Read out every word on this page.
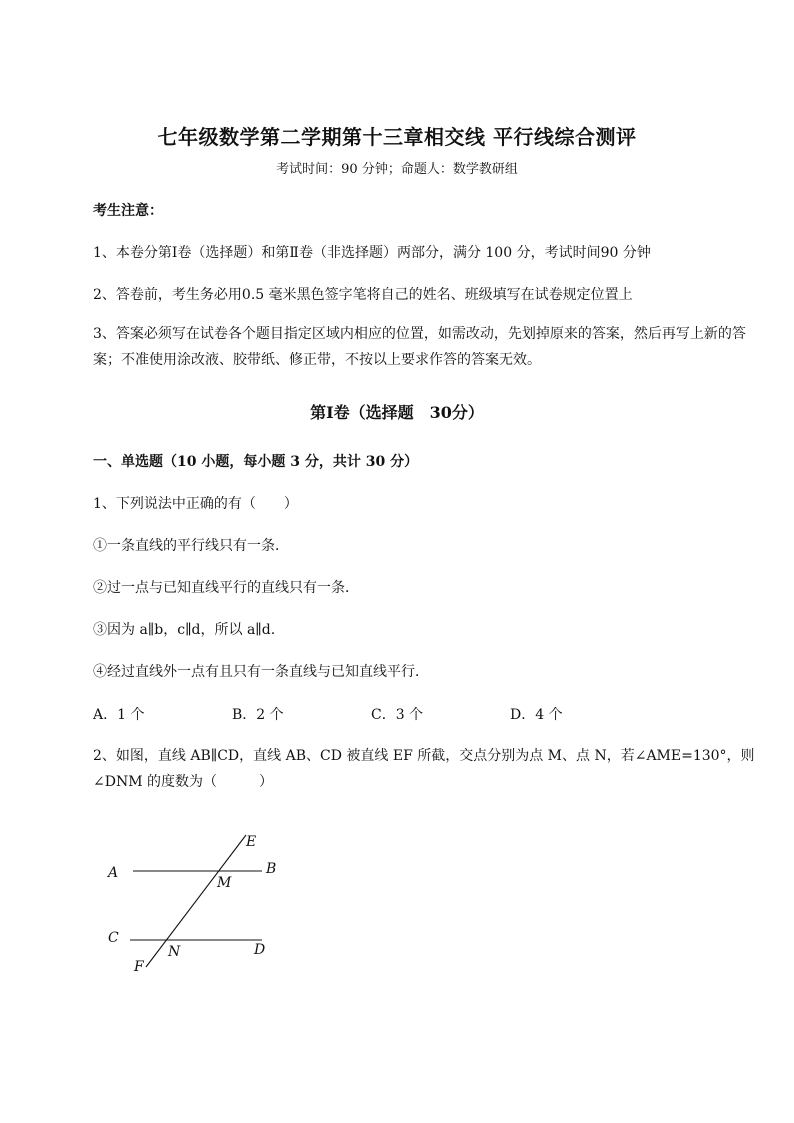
七年级数学第二学期第十三章相交线 平行线综合测评
考试时间：90 分钟；命题人：数学教研组
考生注意：
1、本卷分第Ⅰ卷（选择题）和第Ⅱ卷（非选择题）两部分，满分 100 分，考试时间90 分钟
2、答卷前，考生务必用0.5 毫米黑色签字笔将自己的姓名、班级填写在试卷规定位置上
3、答案必须写在试卷各个题目指定区域内相应的位置，如需改动，先划掉原来的答案，然后再写上新的答案；不准使用涂改液、胶带纸、修正带，不按以上要求作答的答案无效。
第Ⅰ卷（选择题　30分）
一、单选题（10 小题，每小题 3 分，共计 30 分）
1、下列说法中正确的有（　　）
①一条直线的平行线只有一条．
②过一点与已知直线平行的直线只有一条．
③因为 a∥b，c∥d，所以 a∥d.
④经过直线外一点有且只有一条直线与已知直线平行．
A．1 个	B．2 个	C．3 个	D．4 个
2、如图，直线 AB∥CD，直线 AB、CD 被直线 EF 所截，交点分别为点 M、点 N，若∠AME=130°，则
∠DNM 的度数为（　　　）
A	B
C
D
E
F
M
N
